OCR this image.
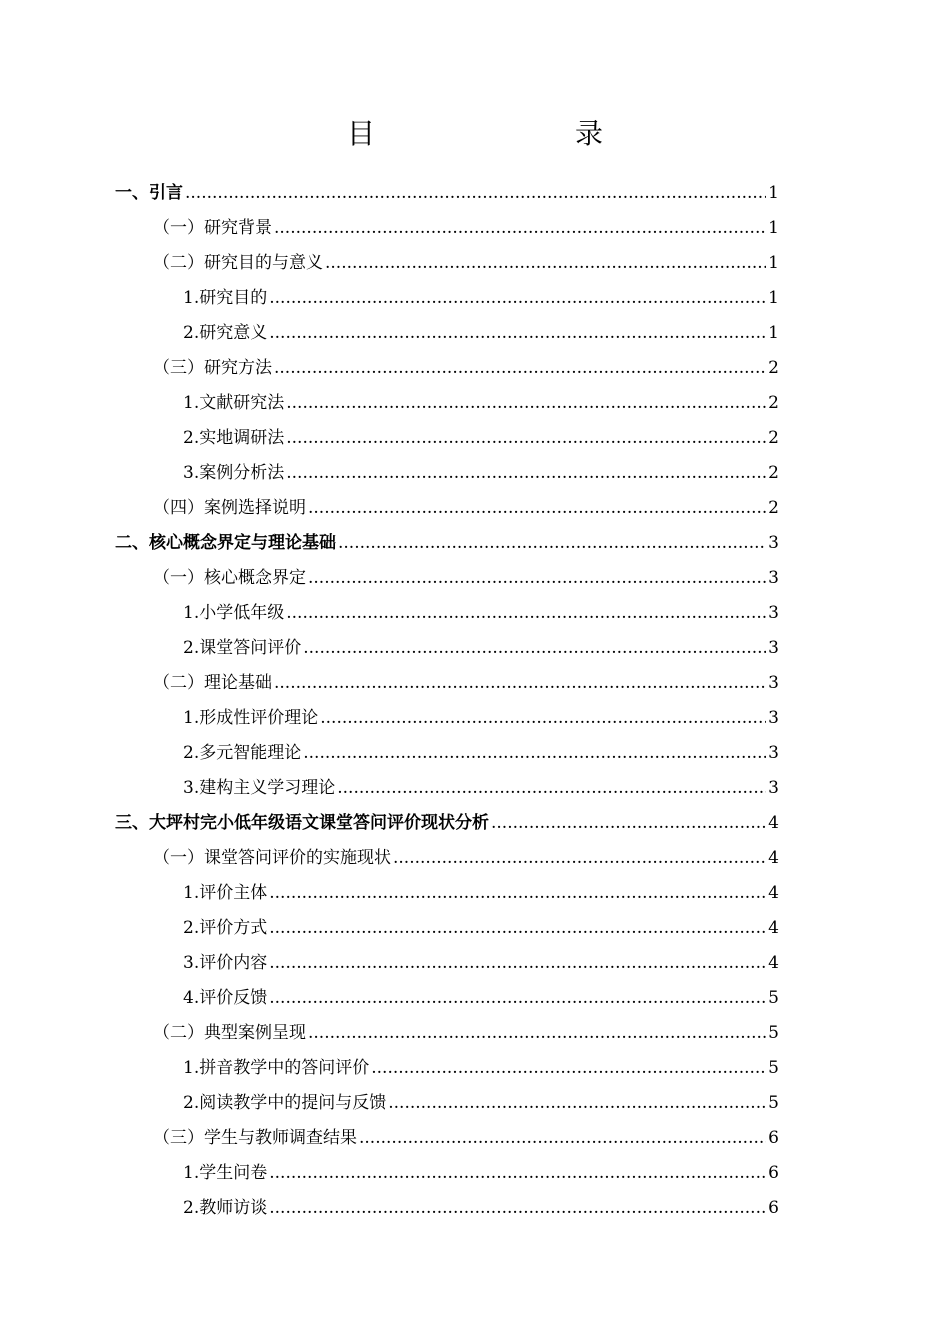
目　　录
一、引言 .....	1
（一）研究背景 .....	1
（二）研究目的与意义 .....	1
1.研究目的 .....	1
2.研究意义 .....	1
（三）研究方法 .....	2
1.文献研究法 .....	2
2.实地调研法 .....	2
3.案例分析法 .....	2
（四）案例选择说明 .....	2
二、核心概念界定与理论基础 .....	3
（一）核心概念界定 .....	3
1.小学低年级 .....	3
2.课堂答问评价 .....	3
（二）理论基础 .....	3
1.形成性评价理论 .....	3
2.多元智能理论 .....	3
3.建构主义学习理论 .....	3
三、大坪村完小低年级语文课堂答问评价现状分析 .....	4
（一）课堂答问评价的实施现状 .....	4
1.评价主体 .....	4
2.评价方式 .....	4
3.评价内容 .....	4
4.评价反馈 .....	5
（二）典型案例呈现 .....	5
1.拼音教学中的答问评价 .....	5
2.阅读教学中的提问与反馈 .....	5
（三）学生与教师调查结果 .....	6
1.学生问卷 .....	6
2.教师访谈 .....	6
